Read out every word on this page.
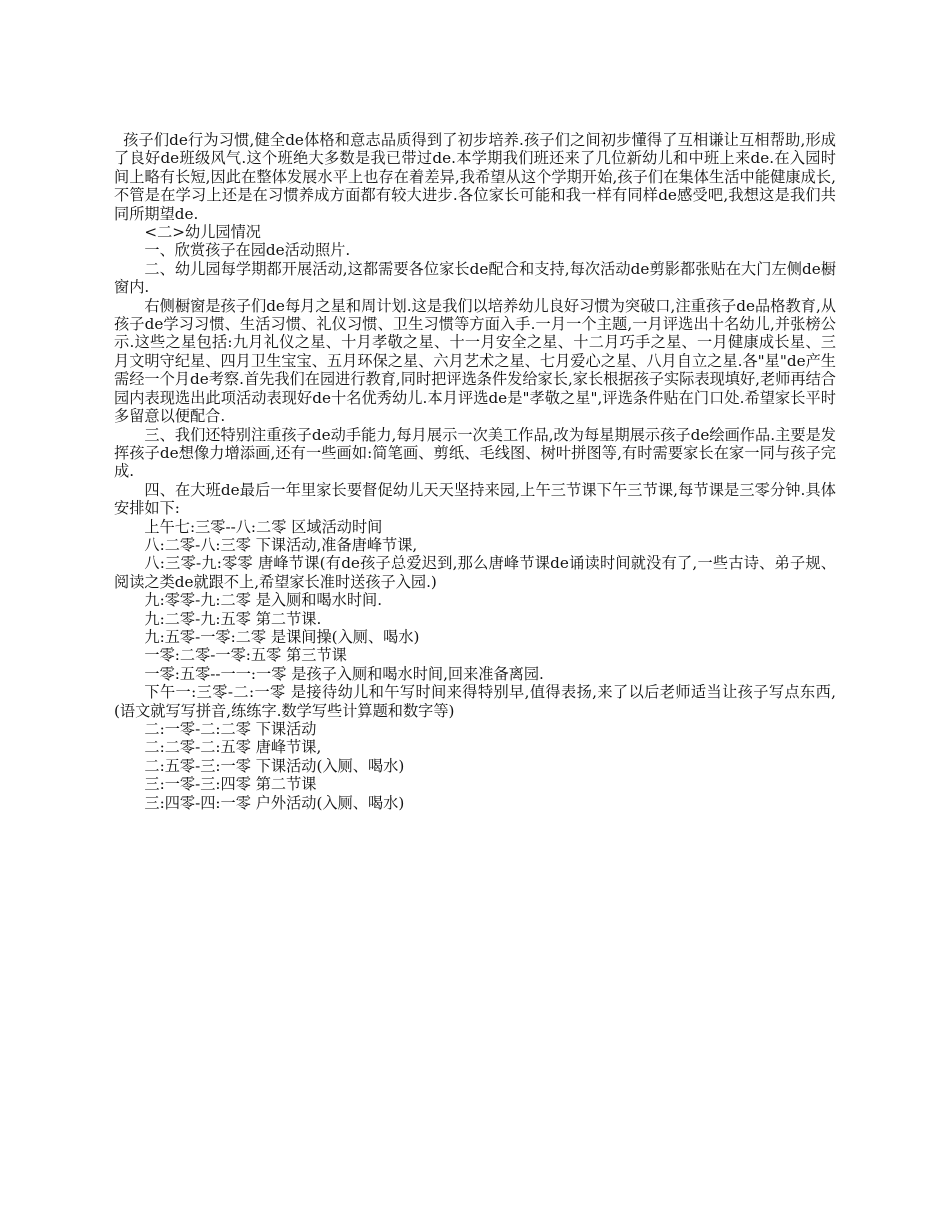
孩子们de行为习惯,健全de体格和意志品质得到了初步培养.孩子们之间初步懂得了互相谦让互相帮助,形成了良好de班级风气.这个班绝大多数是我已带过de.本学期我们班还来了几位新幼儿和中班上来de.在入园时间上略有长短,因此在整体发展水平上也存在着差异,我希望从这个学期开始,孩子们在集体生活中能健康成长,不管是在学习上还是在习惯养成方面都有较大进步.各位家长可能和我一样有同样de感受吧,我想这是我们共同所期望de.

<二>幼儿园情况

一、欣赏孩子在园de活动照片.

二、幼儿园每学期都开展活动,这都需要各位家长de配合和支持,每次活动de剪影都张贴在大门左侧de橱窗内.

右侧橱窗是孩子们de每月之星和周计划.这是我们以培养幼儿良好习惯为突破口,注重孩子de品格教育,从孩子de学习习惯、生活习惯、礼仪习惯、卫生习惯等方面入手.一月一个主题,一月评选出十名幼儿,并张榜公示.这些之星包括:九月礼仪之星、十月孝敬之星、十一月安全之星、十二月巧手之星、一月健康成长星、三月文明守纪星、四月卫生宝宝、五月环保之星、六月艺术之星、七月爱心之星、八月自立之星.各"星"de产生需经一个月de考察.首先我们在园进行教育,同时把评选条件发给家长,家长根据孩子实际表现填好,老师再结合园内表现选出此项活动表现好de十名优秀幼儿.本月评选de是"孝敬之星",评选条件贴在门口处.希望家长平时多留意以便配合.

三、我们还特别注重孩子de动手能力,每月展示一次美工作品,改为每星期展示孩子de绘画作品.主要是发挥孩子de想像力增添画,还有一些画如:简笔画、剪纸、毛线图、树叶拼图等,有时需要家长在家一同与孩子完成.

四、在大班de最后一年里家长要督促幼儿天天坚持来园,上午三节课下午三节课,每节课是三零分钟.具体安排如下:

上午七:三零--八:二零 区域活动时间

八:二零-八:三零 下课活动,准备唐峰节课,

八:三零-九:零零 唐峰节课(有de孩子总爱迟到,那么唐峰节课de诵读时间就没有了,一些古诗、弟子规、阅读之类de就跟不上,希望家长准时送孩子入园.)

九:零零-九:二零 是入厕和喝水时间.

九:二零-九:五零 第二节课.

九:五零-一零:二零 是课间操(入厕、喝水)

一零:二零-一零:五零 第三节课

一零:五零--一一:一零 是孩子入厕和喝水时间,回来准备离园.

下午一:三零-二:一零 是接待幼儿和午写时间来得特别早,值得表扬,来了以后老师适当让孩子写点东西,(语文就写写拼音,练练字.数学写些计算题和数字等)

二:一零-二:二零 下课活动

二:二零-二:五零 唐峰节课,

二:五零-三:一零 下课活动(入厕、喝水)

三:一零-三:四零 第二节课

三:四零-四:一零 户外活动(入厕、喝水)
